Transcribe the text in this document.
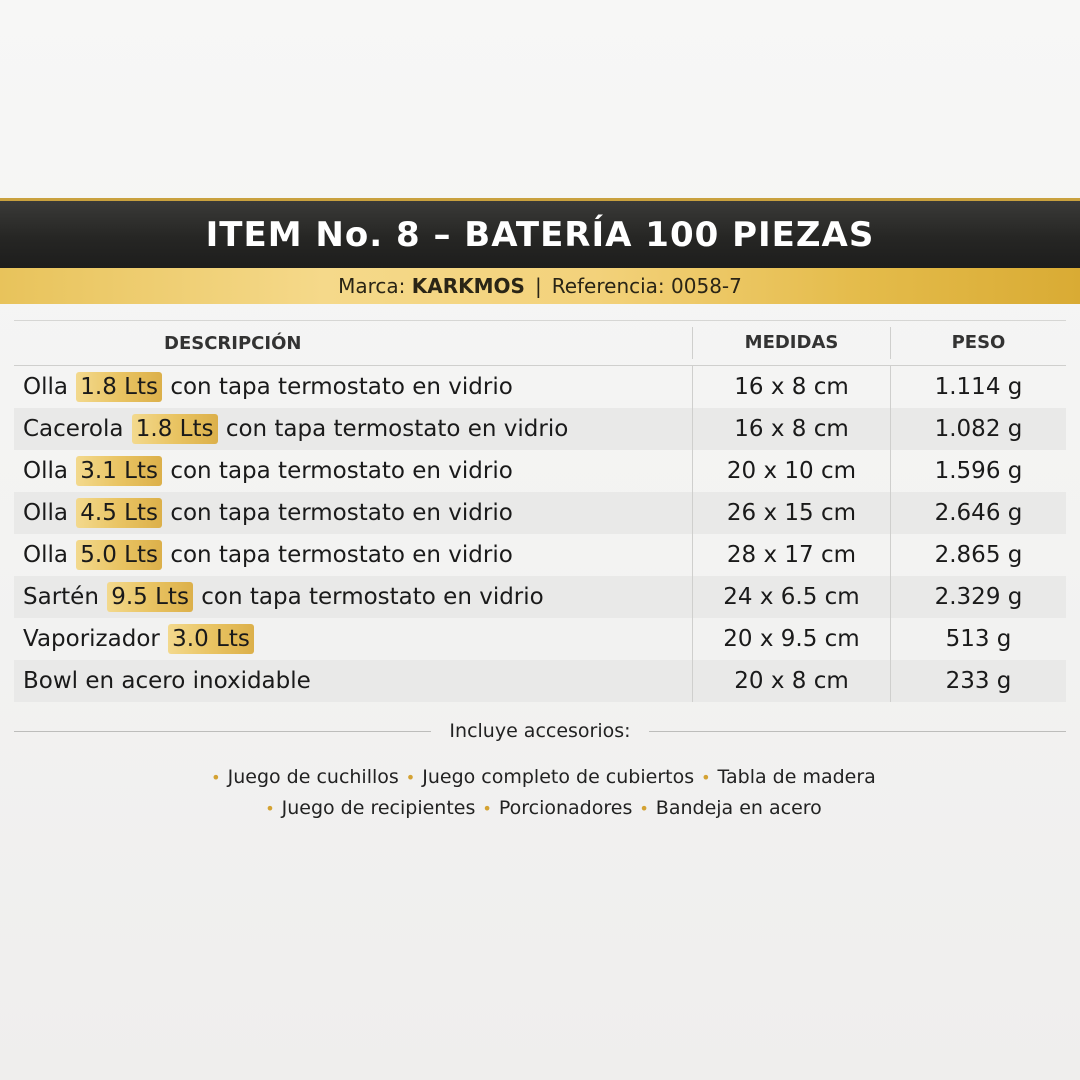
ITEM No. 8 – BATERÍA 100 PIEZAS
Marca:
KARKMOS | Referencia:
0058-7
DESCRIPCIÓN	MEDIDAS	PESO
Olla 1.8 Lts con tapa termostato en vidrio	16 x 8 cm	1.114 g
Cacerola 1.8 Lts con tapa termostato en vidrio	16 x 8 cm	1.082 g
Olla 3.1 Lts con tapa termostato en vidrio	20 x 10 cm	1.596 g
Olla 4.5 Lts con tapa termostato en vidrio	26 x 15 cm	2.646 g
Olla 5.0 Lts con tapa termostato en vidrio	28 x 17 cm	2.865 g
Sartén 9.5 Lts con tapa termostato en vidrio	24 x 6.5 cm	2.329 g
Vaporizador 3.0 Lts	20 x 9.5 cm	513 g
Bowl en acero inoxidable	20 x 8 cm	233 g
Incluye accesorios:
• Juego de cuchillos • Juego completo de cubiertos • Tabla de madera
• Juego de recipientes • Porcionadores • Bandeja en acero
